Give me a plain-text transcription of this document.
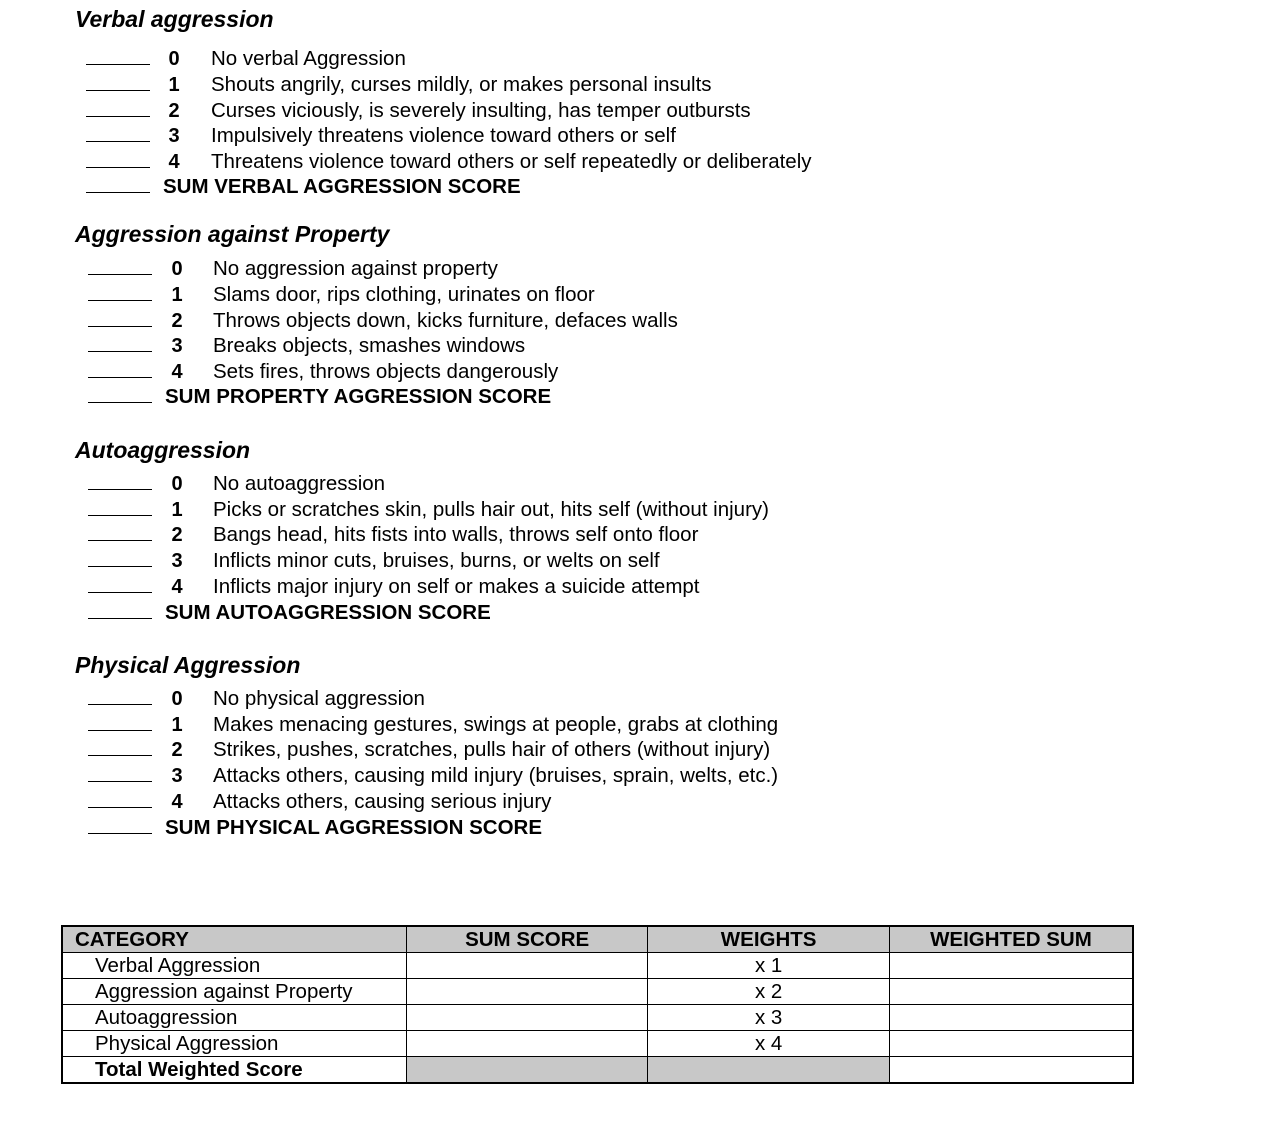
Verbal aggression
0 No verbal Aggression
1 Shouts angrily, curses mildly, or makes personal insults
2 Curses viciously, is severely insulting, has temper outbursts
3 Impulsively threatens violence toward others or self
4 Threatens violence toward others or self repeatedly or deliberately
SUM VERBAL AGGRESSION SCORE
Aggression against Property
0 No aggression against property
1 Slams door, rips clothing, urinates on floor
2 Throws objects down, kicks furniture, defaces walls
3 Breaks objects, smashes windows
4 Sets fires, throws objects dangerously
SUM PROPERTY AGGRESSION SCORE
Autoaggression
0 No autoaggression
1 Picks or scratches skin, pulls hair out, hits self (without injury)
2 Bangs head, hits fists into walls, throws self onto floor
3 Inflicts minor cuts, bruises, burns, or welts on self
4 Inflicts major injury on self or makes a suicide attempt
SUM AUTOAGGRESSION SCORE
Physical Aggression
0 No physical aggression
1 Makes menacing gestures, swings at people, grabs at clothing
2 Strikes, pushes, scratches, pulls hair of others (without injury)
3 Attacks others, causing mild injury (bruises, sprain, welts, etc.)
4 Attacks others, causing serious injury
SUM PHYSICAL AGGRESSION SCORE
CATEGORY	SUM SCORE	WEIGHTS	WEIGHTED SUM
Verbal Aggression		x 1	
Aggression against Property		x 2	
Autoaggression		x 3	
Physical Aggression		x 4	
Total Weighted Score			
